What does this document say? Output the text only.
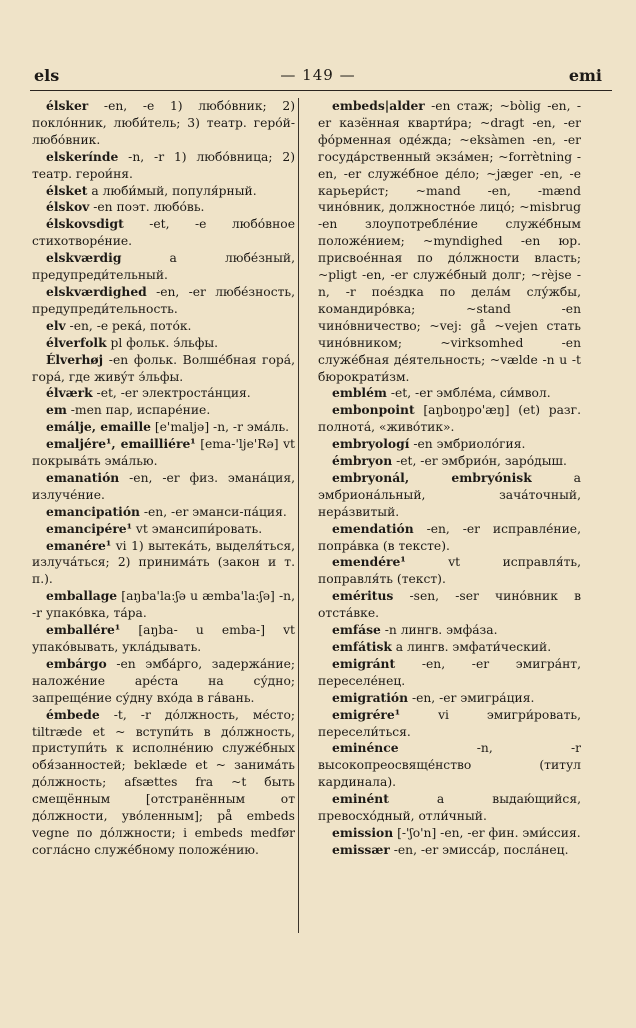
els	— 149 —	emi

élsker -en, -e 1) любо́вник; 2) покло́нник, люби́тель; 3) театр. геро́й-любо́вник.

elskerínde -n, -r 1) любо́вница; 2) театр. герои́ня.

élsket a люби́мый, популя́рный.

élskov -en поэт. любо́вь.

élskovsdigt -et, -e любо́вное стихотворе́ние.

elskværdig a любе́зный, предупреди́тельный.

elskværdighed -en, -er любе́зность, предупреди́тельность.

elv -en, -e река́, пото́к.

élverfolk pl фольк. э́льфы.

Élverhøj -en фольк. Волше́бная гора́, гора́, где живу́т э́льфы.

élværk -et, -er электроста́нция.

em -men пар, испаре́ние.

emálje, emaille [e'maljə] -n, -r эма́ль.

emaljére¹, emailliére¹ [ema-'lje'Rə] vt покрыва́ть эма́лью.

emanatión -en, -er физ. эмана́ция, излуче́ние.

emancipatión -en, -er эманси-па́ция.

emancipére¹ vt эмансипи́ровать.

emanére¹ vi 1) вытека́ть, выделя́ться, излуча́ться; 2) принима́ть (закон и т. п.).

emballage [aŋba'la:ʃə u æmba'la:ʃə] -n, -r упако́вка, та́ра.

emballére¹ [aŋba- u emba-] vt упако́вывать, укла́дывать.

embárgo -en эмба́рго, задержа́ние; наложе́ние аре́ста на су́дно; запреще́ние су́дну вхо́да в га́вань.

émbede -t, -r до́лжность, ме́сто; tiltræde et ~ вступи́ть в до́лжность, приступи́ть к исполне́нию служе́бных обя́занностей; beklæde et ~ занима́ть до́лжность; afsættes fra ~t быть смещённым [отстранённым от до́лжности, уво́ленным]; på embeds vegne по до́лжности; i embeds medfør согла́сно служе́бному положе́нию.

embeds|alder -en стаж; ~bòlig -en, -er казённая кварти́ра; ~dragt -en, -er фо́рменная оде́жда; ~eksàmen -en, -er госуда́рственный экза́мен; ~forrètning -en, -er служе́бное де́ло; ~jæger -en, -e карьери́ст; ~mand -en, -mænd чино́вник, должностно́е лицо́; ~misbrug -en злоупотребле́ние служе́бным положе́нием; ~myndighed -en юр. присвое́нная по до́лжности власть; ~pligt -en, -er служе́бный долг; ~rèjse -n, -r пое́здка по дела́м слу́жбы, командиро́вка; ~stand -en чино́вничество; ~vej: gå ~vejen стать чино́вником; ~virksomhed -en служе́бная де́ятельность; ~vælde -n u -t бюрократи́зм.

emblém -et, -er эмбле́ма, си́мвол.

embonpoint [aŋboŋpo'æŋ] (et) разг. полнота́, «живо́тик».

embryologí -en эмбриоло́гия.

émbryon -et, -er эмбрио́н, заро́дыш.

embryonál, embryónisk a эмбриона́льный, зача́точный, нера́звитый.

emendatión -en, -er исправле́ние, попра́вка (в тексте).

emendére¹ vt исправля́ть, поправля́ть (текст).

eméritus -sen, -ser чино́вник в отста́вке.

emfáse -n лингв. эмфа́за.

emfátisk a лингв. эмфати́ческий.

emigránt -en, -er эмигра́нт, переселе́нец.

emigratión -en, -er эмигра́ция.

emigrére¹ vi эмигри́ровать, пересели́ться.

eminénce -n, -r высокопреосвяще́нство (титул кардинала).

eminént a выдаю́щийся, превосхо́дный, отли́чный.

emission [-'ʃo'n] -en, -er фин. эми́ссия.

emissær -en, -er эмисса́р, посла́нец.
